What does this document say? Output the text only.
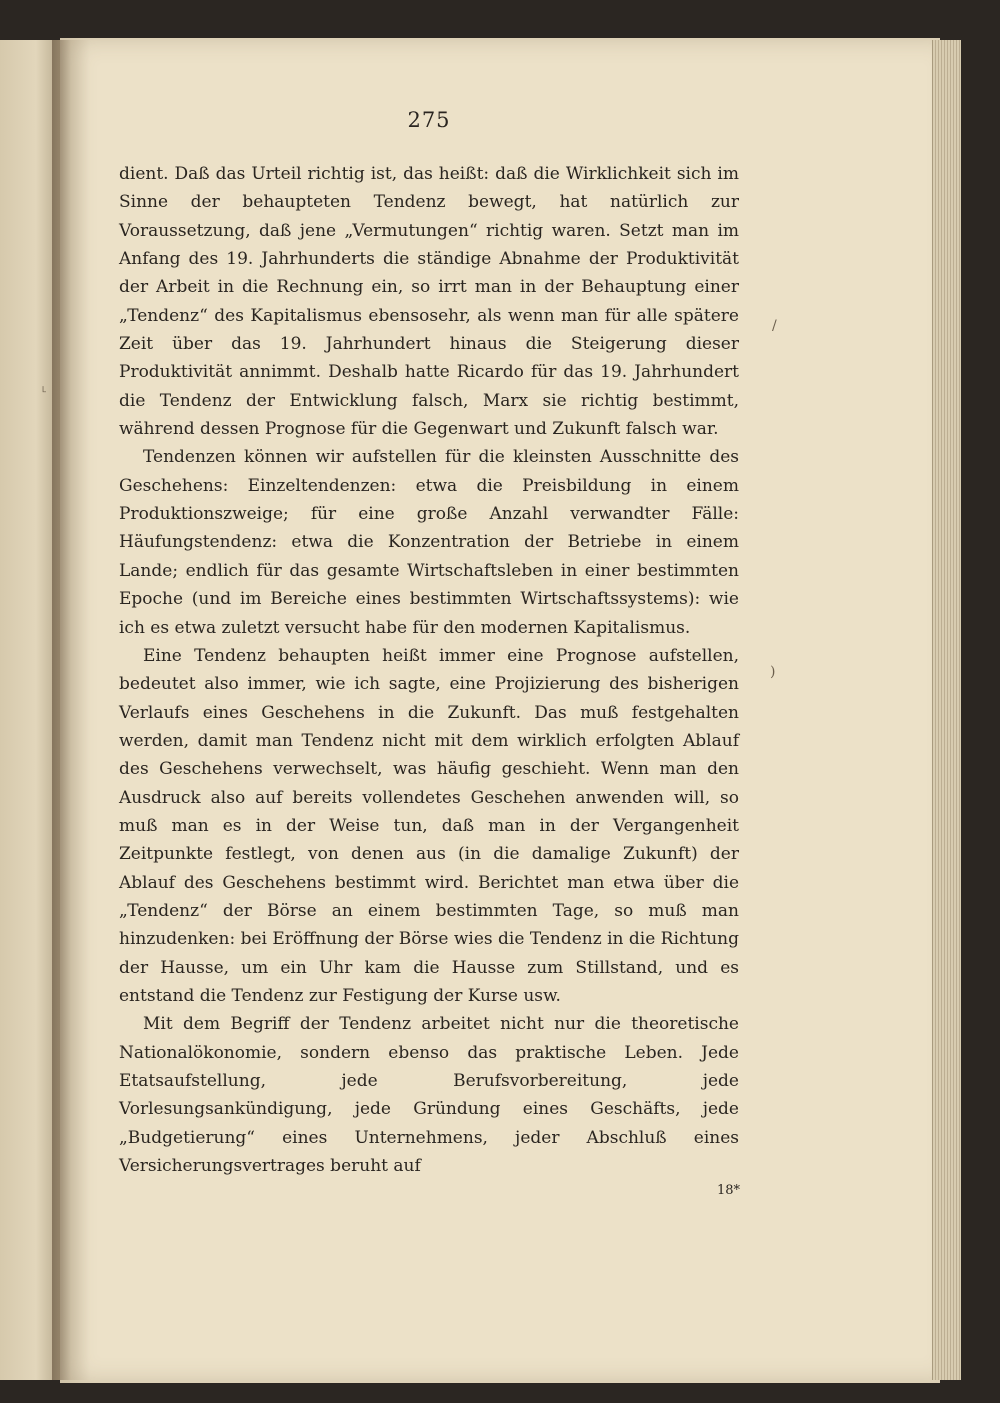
˪
/
)
275

dient. Daß das Urteil richtig ist, das heißt: daß die Wirklichkeit sich im Sinne der behaupteten Tendenz bewegt, hat natürlich zur Voraussetzung, daß jene „Vermutungen“ richtig waren. Setzt man im Anfang des 19. Jahrhunderts die ständige Abnahme der Produktivität der Arbeit in die Rechnung ein, so irrt man in der Behauptung einer „Tendenz“ des Kapitalismus ebensosehr, als wenn man für alle spätere Zeit über das 19. Jahrhundert hinaus die Steigerung dieser Produktivität annimmt. Deshalb hatte Ricardo für das 19. Jahrhundert die Tendenz der Entwicklung falsch, Marx sie richtig bestimmt, während dessen Prognose für die Gegenwart und Zukunft falsch war.

Tendenzen können wir aufstellen für die kleinsten Ausschnitte des Geschehens: Einzeltendenzen: etwa die Preisbildung in einem Produktionszweige; für eine große Anzahl verwandter Fälle: Häufungstendenz: etwa die Konzentration der Betriebe in einem Lande; endlich für das gesamte Wirtschaftsleben in einer bestimmten Epoche (und im Bereiche eines bestimmten Wirtschaftssystems): wie ich es etwa zuletzt versucht habe für den modernen Kapitalismus.

Eine Tendenz behaupten heißt immer eine Prognose aufstellen, bedeutet also immer, wie ich sagte, eine Projizierung des bisherigen Verlaufs eines Geschehens in die Zukunft. Das muß festgehalten werden, damit man Tendenz nicht mit dem wirklich erfolgten Ablauf des Geschehens verwechselt, was häufig geschieht. Wenn man den Ausdruck also auf bereits vollendetes Geschehen anwenden will, so muß man es in der Weise tun, daß man in der Vergangenheit Zeitpunkte festlegt, von denen aus (in die damalige Zukunft) der Ablauf des Geschehens bestimmt wird. Berichtet man etwa über die „Tendenz“ der Börse an einem bestimmten Tage, so muß man hinzudenken: bei Eröffnung der Börse wies die Tendenz in die Richtung der Hausse, um ein Uhr kam die Hausse zum Stillstand, und es entstand die Tendenz zur Festigung der Kurse usw.

Mit dem Begriff der Tendenz arbeitet nicht nur die theoretische Nationalökonomie, sondern ebenso das praktische Leben. Jede Etatsaufstellung, jede Berufsvorbereitung, jede Vorlesungsankündigung, jede Gründung eines Geschäfts, jede „Budgetierung“ eines Unternehmens, jeder Abschluß eines Versicherungsvertrages beruht auf

18*
